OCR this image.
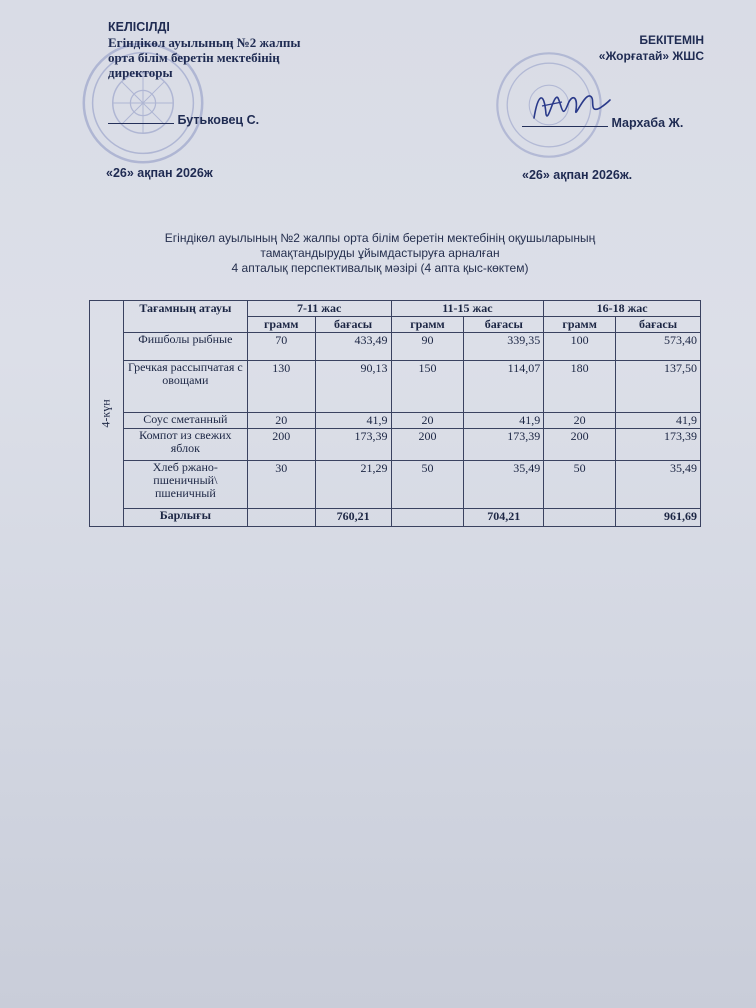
КЕЛІСІЛДІ
Егіндікөл ауылының №2 жалпы
орта білім беретін мектебінің
директоры
Бутьковец С.
«26» ақпан 2026ж
БЕКІТЕМІН
«Жорғатай» ЖШС
Мархаба Ж.
«26» ақпан 2026ж.
Егіндікөл ауылының №2 жалпы орта білім беретін мектебінің оқушыларының
тамақтандыруды ұйымдастыруға арналған
4 апталық перспективалық мәзірі (4 апта қыс-көктем)
4-күн	Тағамның атауы	7-11 жас		11-15 жас		16-18 жас	
		грамм	бағасы	грамм	бағасы	грамм	бағасы
	Фишболы рыбные	70	433,49	90	339,35	100	573,40
	Гречкая рассыпчатая с овощами	130	90,13	150	114,07	180	137,50
	Соус сметанный	20	41,9	20	41,9	20	41,9
	Компот из свежих яблок	200	173,39	200	173,39	200	173,39
	Хлеб ржано-пшеничный\ пшеничный	30	21,29	50	35,49	50	35,49
	Барлығы		760,21		704,21		961,69
